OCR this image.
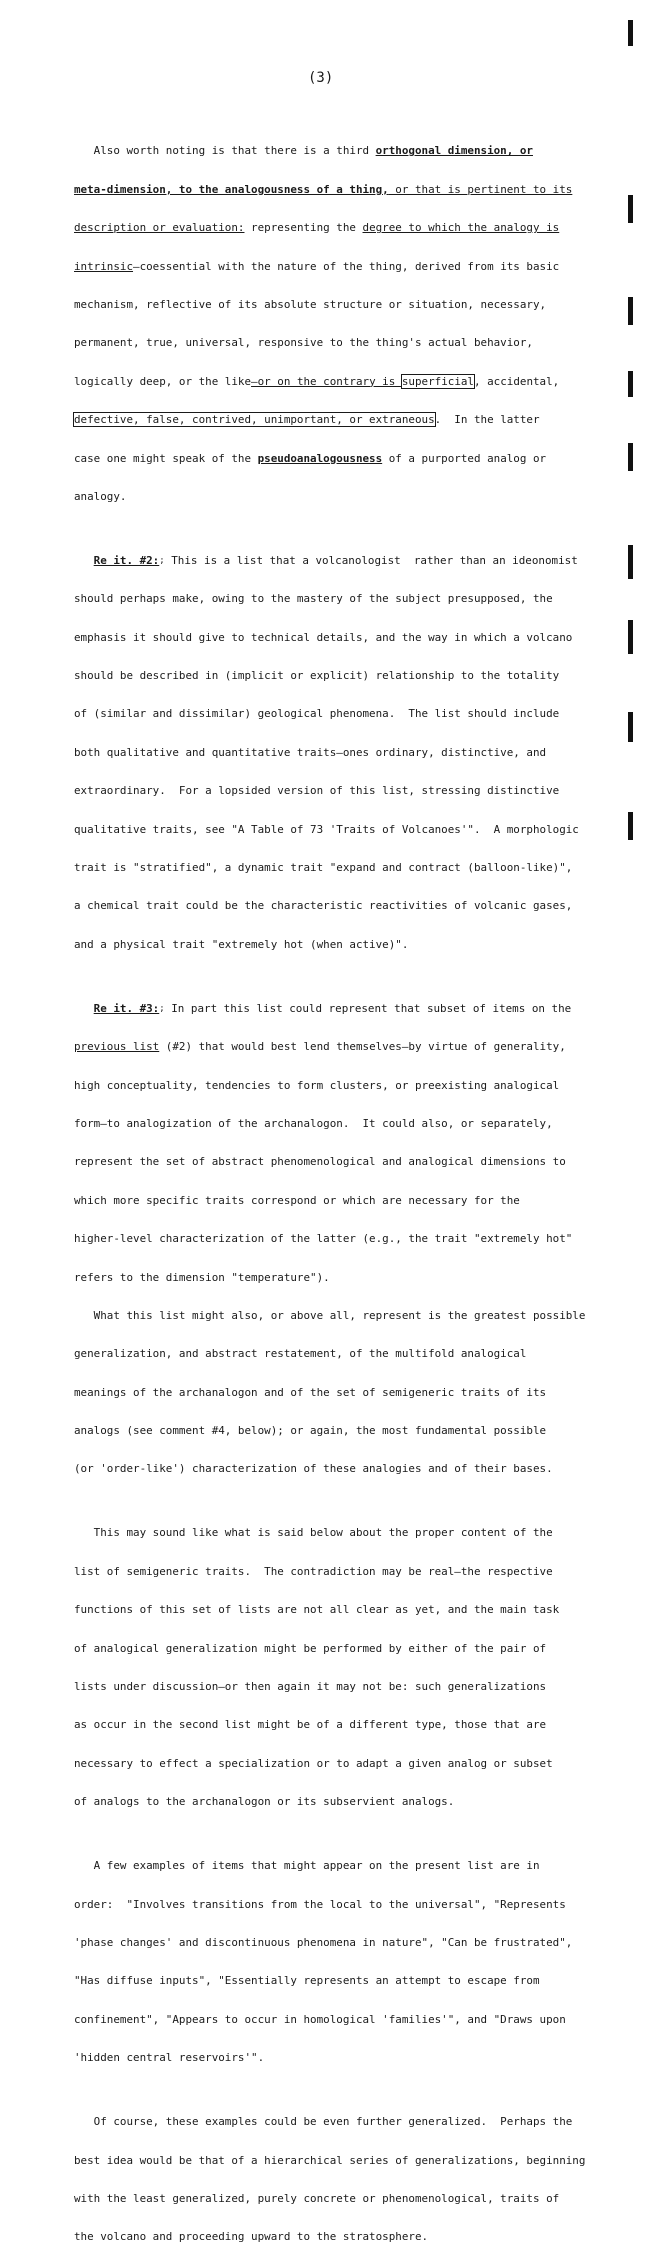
(3)

Also worth noting is that there is a third orthogonal dimension, or

meta-dimension, to the analogousness of a thing, or that is pertinent to its

description or evaluation: representing the degree to which the analogy is

intrinsic—coessential with the nature of the thing, derived from its basic

mechanism, reflective of its absolute structure or situation, necessary,

permanent, true, universal, responsive to the thing's actual behavior,

logically deep, or the like—or on the contrary is superficial, accidental,

defective, false, contrived, unimportant, or extraneous.  In the latter

case one might speak of the pseudoanalogousness of a purported analog or

analogy.

Re it. #2:; This is a list that a volcanologist  rather than an ideonomist

should perhaps make, owing to the mastery of the subject presupposed, the

emphasis it should give to technical details, and the way in which a volcano

should be described in (implicit or explicit) relationship to the totality

of (similar and dissimilar) geological phenomena.  The list should include

both qualitative and quantitative traits—ones ordinary, distinctive, and

extraordinary.  For a lopsided version of this list, stressing distinctive

qualitative traits, see "A Table of 73 'Traits of Volcanoes'".  A morphologic

trait is "stratified", a dynamic trait "expand and contract (balloon-like)",

a chemical trait could be the characteristic reactivities of volcanic gases,

and a physical trait "extremely hot (when active)".

Re it. #3:; In part this list could represent that subset of items on the

previous list (#2) that would best lend themselves—by virtue of generality,

high conceptuality, tendencies to form clusters, or preexisting analogical

form—to analogization of the archanalogon.  It could also, or separately,

represent the set of abstract phenomenological and analogical dimensions to

which more specific traits correspond or which are necessary for the

higher-level characterization of the latter (e.g., the trait "extremely hot"

refers to the dimension "temperature").

What this list might also, or above all, represent is the greatest possible

generalization, and abstract restatement, of the multifold analogical

meanings of the archanalogon and of the set of semigeneric traits of its

analogs (see comment #4, below); or again, the most fundamental possible

(or 'order-like') characterization of these analogies and of their bases.

This may sound like what is said below about the proper content of the

list of semigeneric traits.  The contradiction may be real—the respective

functions of this set of lists are not all clear as yet, and the main task

of analogical generalization might be performed by either of the pair of

lists under discussion—or then again it may not be: such generalizations

as occur in the second list might be of a different type, those that are

necessary to effect a specialization or to adapt a given analog or subset

of analogs to the archanalogon or its subservient analogs.

A few examples of items that might appear on the present list are in

order:  "Involves transitions from the local to the universal", "Represents

'phase changes' and discontinuous phenomena in nature", "Can be frustrated",

"Has diffuse inputs", "Essentially represents an attempt to escape from

confinement", "Appears to occur in homological 'families'", and "Draws upon

'hidden central reservoirs'".

Of course, these examples could be even further generalized.  Perhaps the

best idea would be that of a hierarchical series of generalizations, beginning

with the least generalized, purely concrete or phenomenological, traits of

the volcano and proceeding upward to the stratosphere.
